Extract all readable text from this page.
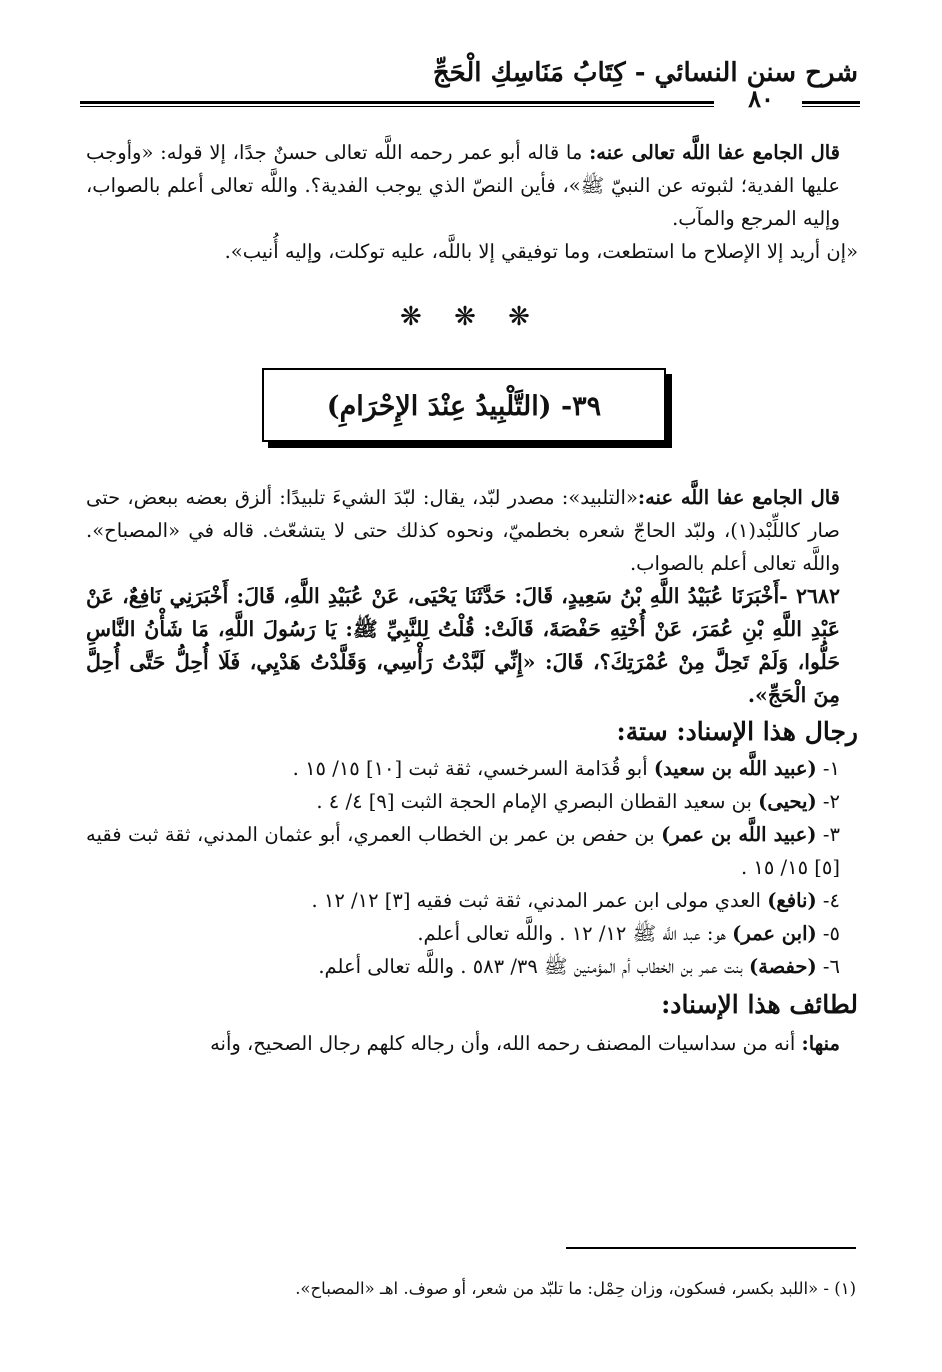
شرح سنن النسائي - كِتَابُ مَنَاسِكِ الْحَجِّ
٨٠

قال الجامع عفا اللَّه تعالى عنه: ما قاله أبو عمر رحمه اللَّه تعالى حسنٌ جدًا، إلا قوله: «وأوجب عليها الفدية؛ لثبوته عن النبيّ ﷺ»، فأين النصّ الذي يوجب الفدية؟. واللَّه تعالى أعلم بالصواب، وإليه المرجع والمآب.

«إن أريد إلا الإصلاح ما استطعت، وما توفيقي إلا باللَّه، عليه توكلت، وإليه أُنيب».

❋ ❋ ❋
٣٩- (التَّلْبِيدُ عِنْدَ الإِحْرَامِ)

قال الجامع عفا اللَّه عنه:«التلبيد»: مصدر لبّد، يقال: لبّدَ الشيءَ تلبيدًا: ألزق بعضه ببعض، حتى صار كاللِّبْد(١)، ولبّد الحاجّ شعره بخطميّ، ونحوه كذلك حتى لا يتشعّث. قاله في «المصباح». واللَّه تعالى أعلم بالصواب.

٢٦٨٢ -أَخْبَرَنَا عُبَيْدُ اللَّهِ بْنُ سَعِيدٍ، قَالَ: حَدَّثَنَا يَحْيَى، عَنْ عُبَيْدِ اللَّهِ، قَالَ: أَخْبَرَنِي نَافِعٌ، عَنْ عَبْدِ اللَّهِ بْنِ عُمَرَ، عَنْ أُخْتِهِ حَفْصَةَ، قَالَتْ: قُلْتُ لِلنَّبِيِّ ﷺ: يَا رَسُولَ اللَّهِ، مَا شَأْنُ النَّاسِ حَلُّوا، وَلَمْ تَحِلَّ مِنْ عُمْرَتِكَ؟، قَالَ: «إِنِّي لَبَّدْتُ رَأْسِي، وَقَلَّدْتُ هَدْيِي، فَلَا أُحِلُّ حَتَّى أُحِلَّ مِنَ الْحَجِّ».

رجال هذا الإسناد: ستة:

١- (عبيد اللَّه بن سعيد) أبو قُدَامة السرخسي، ثقة ثبت [١٠] ١٥/ ١٥ .

٢- (يحيى) بن سعيد القطان البصري الإمام الحجة الثبت [٩] ٤/ ٤ .

٣- (عبيد اللَّه بن عمر) بن حفص بن عمر بن الخطاب العمري، أبو عثمان المدني، ثقة ثبت فقيه [٥] ١٥/ ١٥ .

٤- (نافع) العدي مولى ابن عمر المدني، ثقة ثبت فقيه [٣] ١٢/ ١٢ .

٥- (ابن عمر) هو: عبد اللَّه ﷺ ١٢/ ١٢ . واللَّه تعالى أعلم.

٦- (حفصة) بنت عمر بن الخطاب أم المؤمنين ﷺ ٣٩/ ٥٨٣ . واللَّه تعالى أعلم.

لطائف هذا الإسناد:

منها: أنه من سداسيات المصنف رحمه الله، وأن رجاله كلهم رجال الصحيح، وأنه

(١) - «اللبد بكسر، فسكون، وزان حِمْل: ما تلبّد من شعر، أو صوف. اهـ «المصباح».
